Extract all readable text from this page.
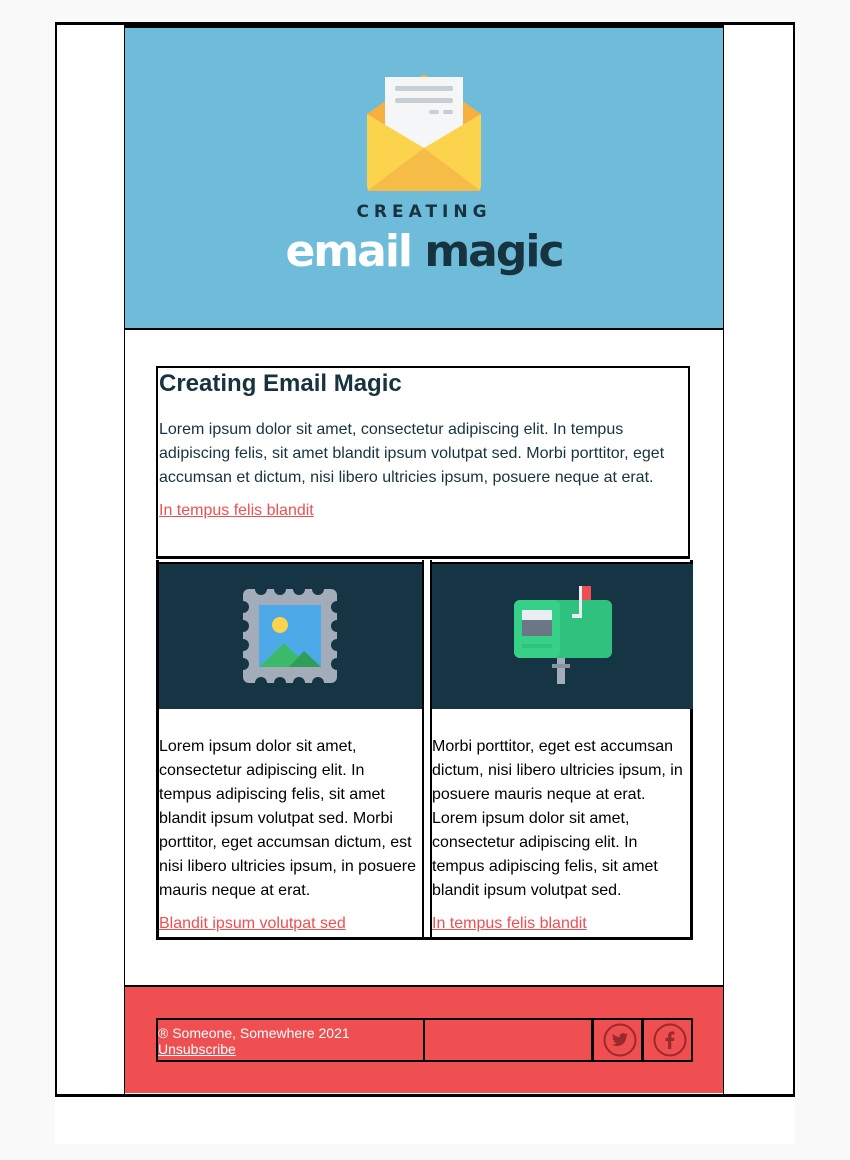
CREATING
email magic
Creating Email Magic

Lorem ipsum dolor sit amet, consectetur adipiscing elit. In tempus adipiscing felis, sit amet blandit ipsum volutpat sed. Morbi porttitor, eget accumsan et dictum, nisi libero ultricies ipsum, posuere neque at erat.

In tempus felis blandit

Lorem ipsum dolor sit amet, consectetur adipiscing elit. In tempus adipiscing felis, sit amet blandit ipsum volutpat sed. Morbi porttitor, eget accumsan dictum, est nisi libero ultricies ipsum, in posuere mauris neque at erat.

Blandit ipsum volutpat sed

Morbi porttitor, eget est accumsan dictum, nisi libero ultricies ipsum, in posuere mauris neque at erat. Lorem ipsum dolor sit amet, consectetur adipiscing elit. In tempus adipiscing felis, sit amet blandit ipsum volutpat sed.

In tempus felis blandit
® Someone, Somewhere 2021
Unsubscribe
